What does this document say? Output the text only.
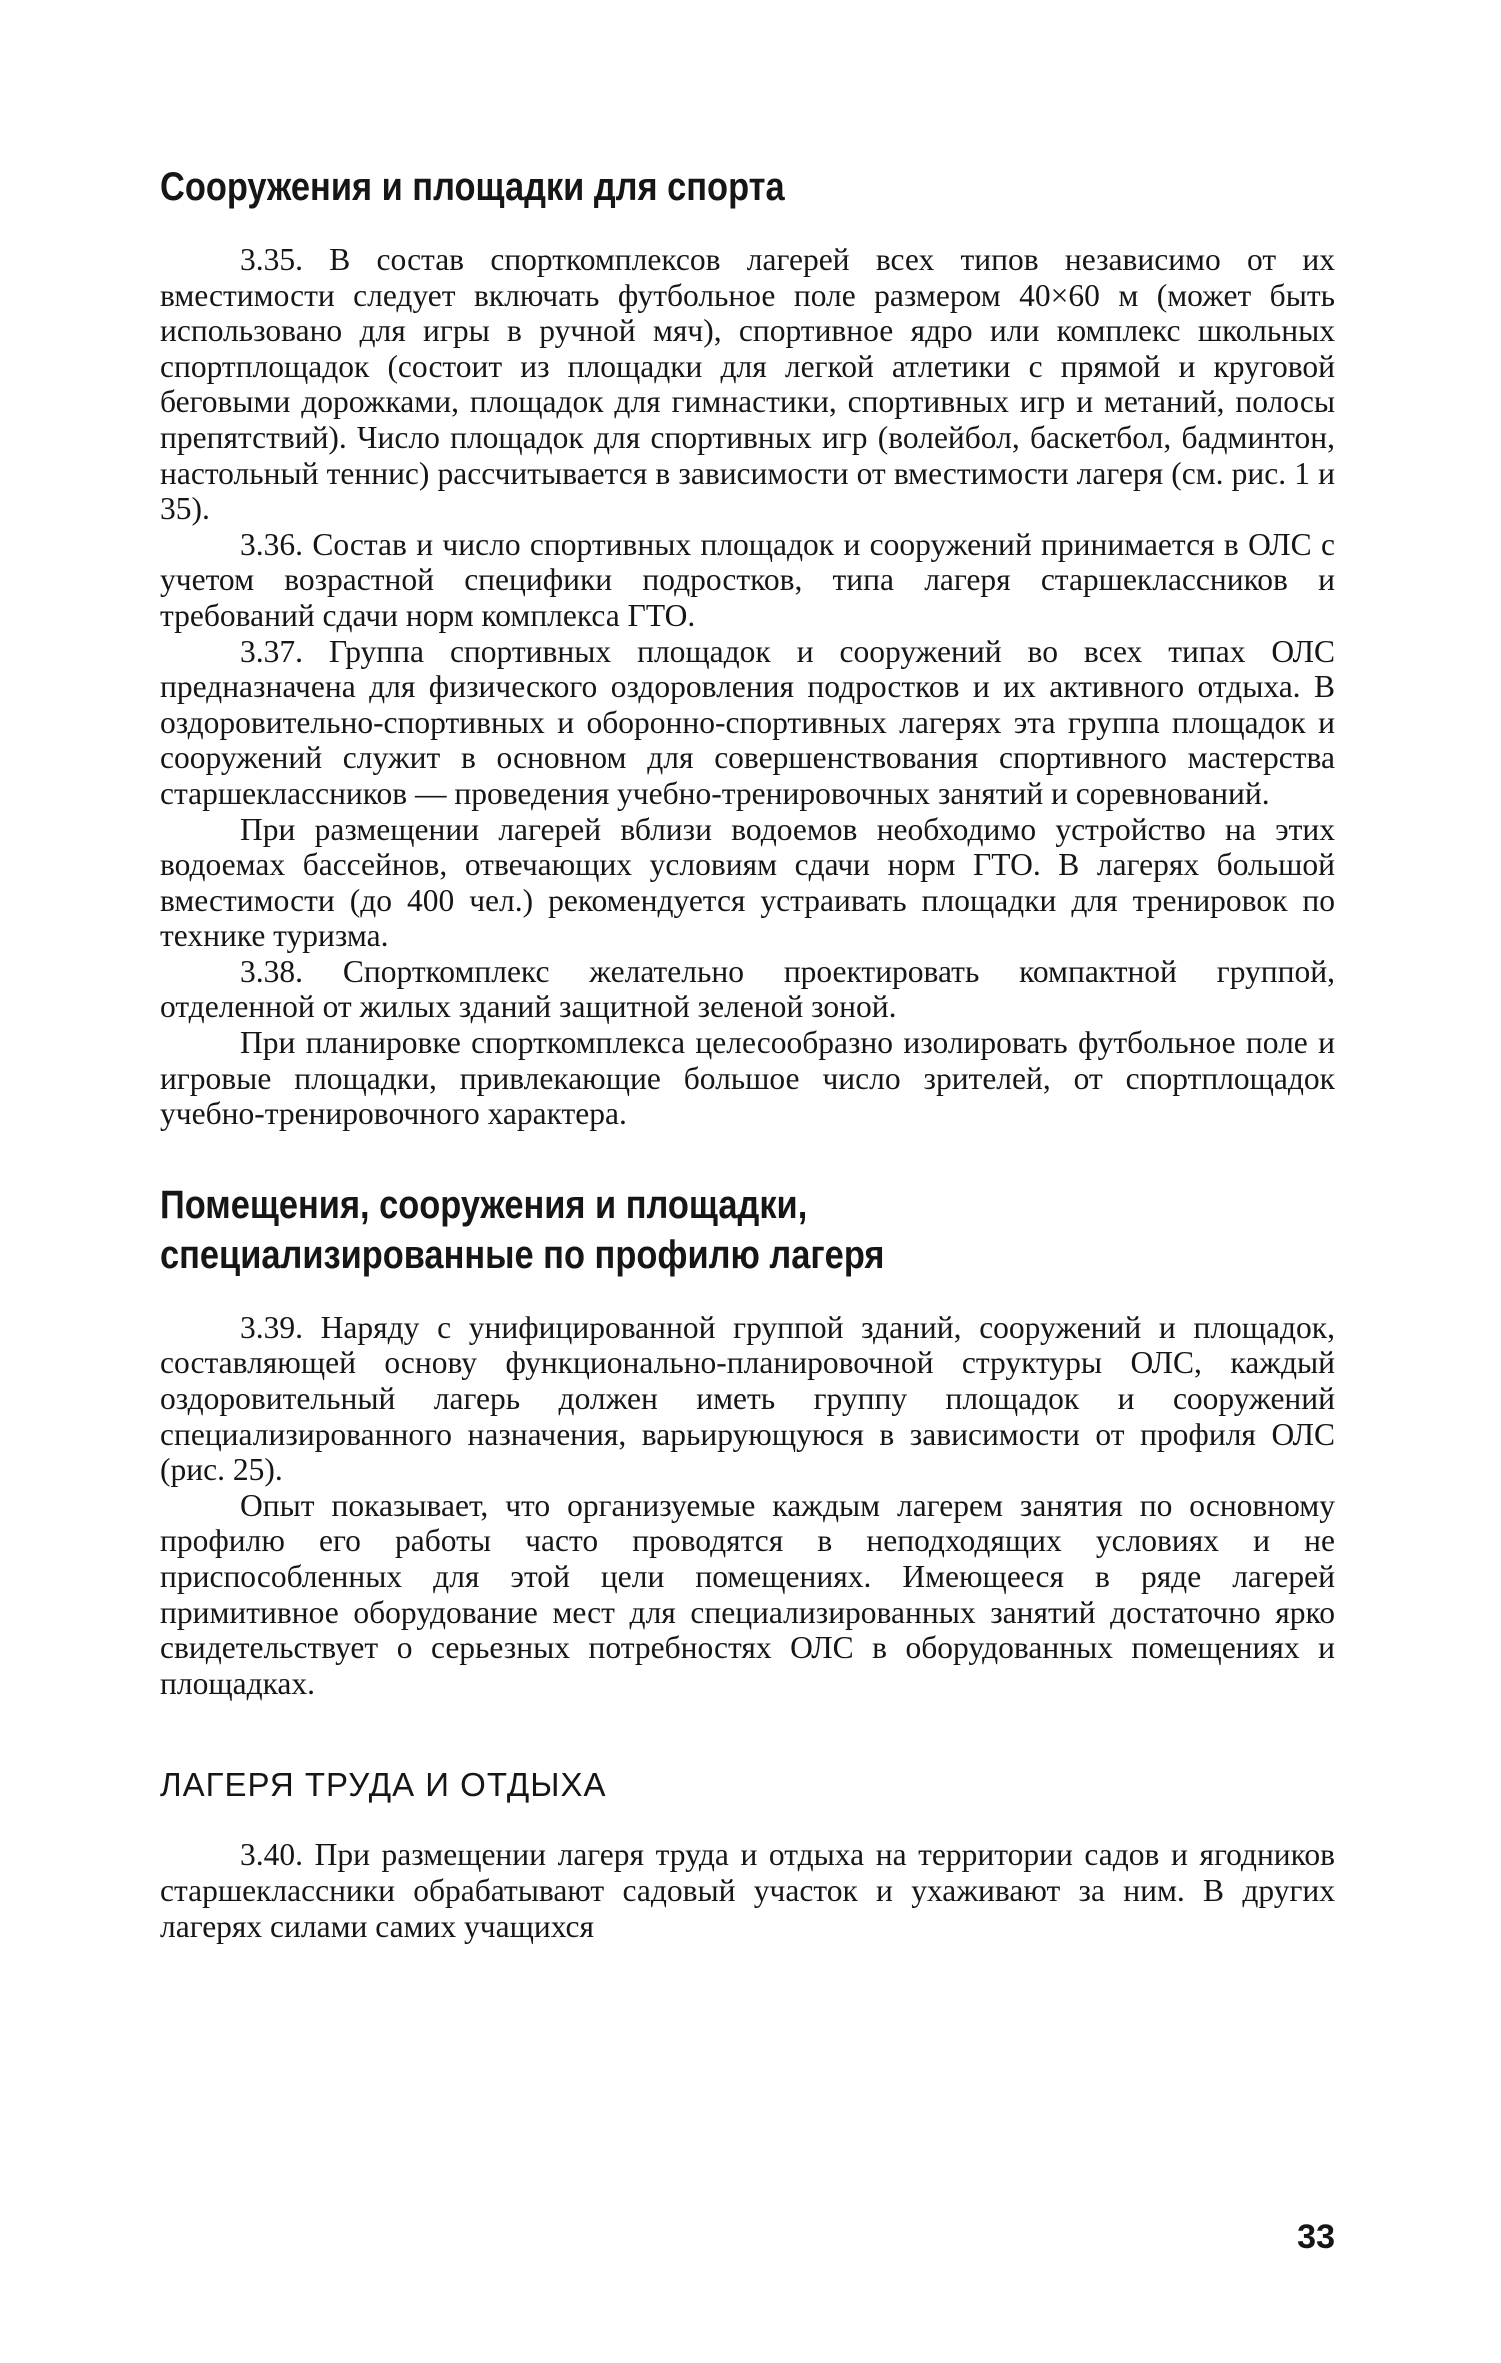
Сооружения и площадки для спорта

3.35. В состав спорткомплексов лагерей всех типов независимо от их вместимости следует включать футбольное поле размером 40×60 м (может быть использовано для игры в ручной мяч), спортивное ядро или комплекс школьных спортплощадок (состоит из площадки для легкой атлетики с прямой и круговой беговыми дорожками, площадок для гимнастики, спортивных игр и метаний, полосы препятствий). Число площадок для спортивных игр (волейбол, баскетбол, бадминтон, настольный теннис) рассчитывается в зависимости от вместимости лагеря (см. рис. 1 и 35).

3.36. Состав и число спортивных площадок и сооружений принимается в ОЛС с учетом возрастной специфики подростков, типа лагеря старшеклассников и требований сдачи норм комплекса ГТО.

3.37. Группа спортивных площадок и сооружений во всех типах ОЛС предназначена для физического оздоровления подростков и их активного отдыха. В оздоровительно-спортивных и оборонно-спортивных лагерях эта группа площадок и сооружений служит в основном для совершенствования спортивного мастерства старшеклассников — проведения учебно-тренировочных занятий и соревнований.

При размещении лагерей вблизи водоемов необходимо устройство на этих водоемах бассейнов, отвечающих условиям сдачи норм ГТО. В лагерях большой вместимости (до 400 чел.) рекомендуется устраивать площадки для тренировок по технике туризма.

3.38. Спорткомплекс желательно проектировать компактной группой, отделенной от жилых зданий защитной зеленой зоной.

При планировке спорткомплекса целесообразно изолировать футбольное поле и игровые площадки, привлекающие большое число зрителей, от спортплощадок учебно-тренировочного характера.

Помещения, сооружения и площадки,
специализированные по профилю лагеря

3.39. Наряду с унифицированной группой зданий, сооружений и площадок, составляющей основу функционально-планировочной структуры ОЛС, каждый оздоровительный лагерь должен иметь группу площадок и сооружений специализированного назначения, варьирующуюся в зависимости от профиля ОЛС (рис. 25).

Опыт показывает, что организуемые каждым лагерем занятия по основному профилю его работы часто проводятся в неподходящих условиях и не приспособленных для этой цели помещениях. Имеющееся в ряде лагерей примитивное оборудование мест для специализированных занятий достаточно ярко свидетельствует о серьезных потребностях ОЛС в оборудованных помещениях и площадках.

ЛАГЕРЯ ТРУДА И ОТДЫХА

3.40. При размещении лагеря труда и отдыха на территории садов и ягодников старшеклассники обрабатывают садовый участок и ухаживают за ним. В других лагерях силами самих учащихся

33
